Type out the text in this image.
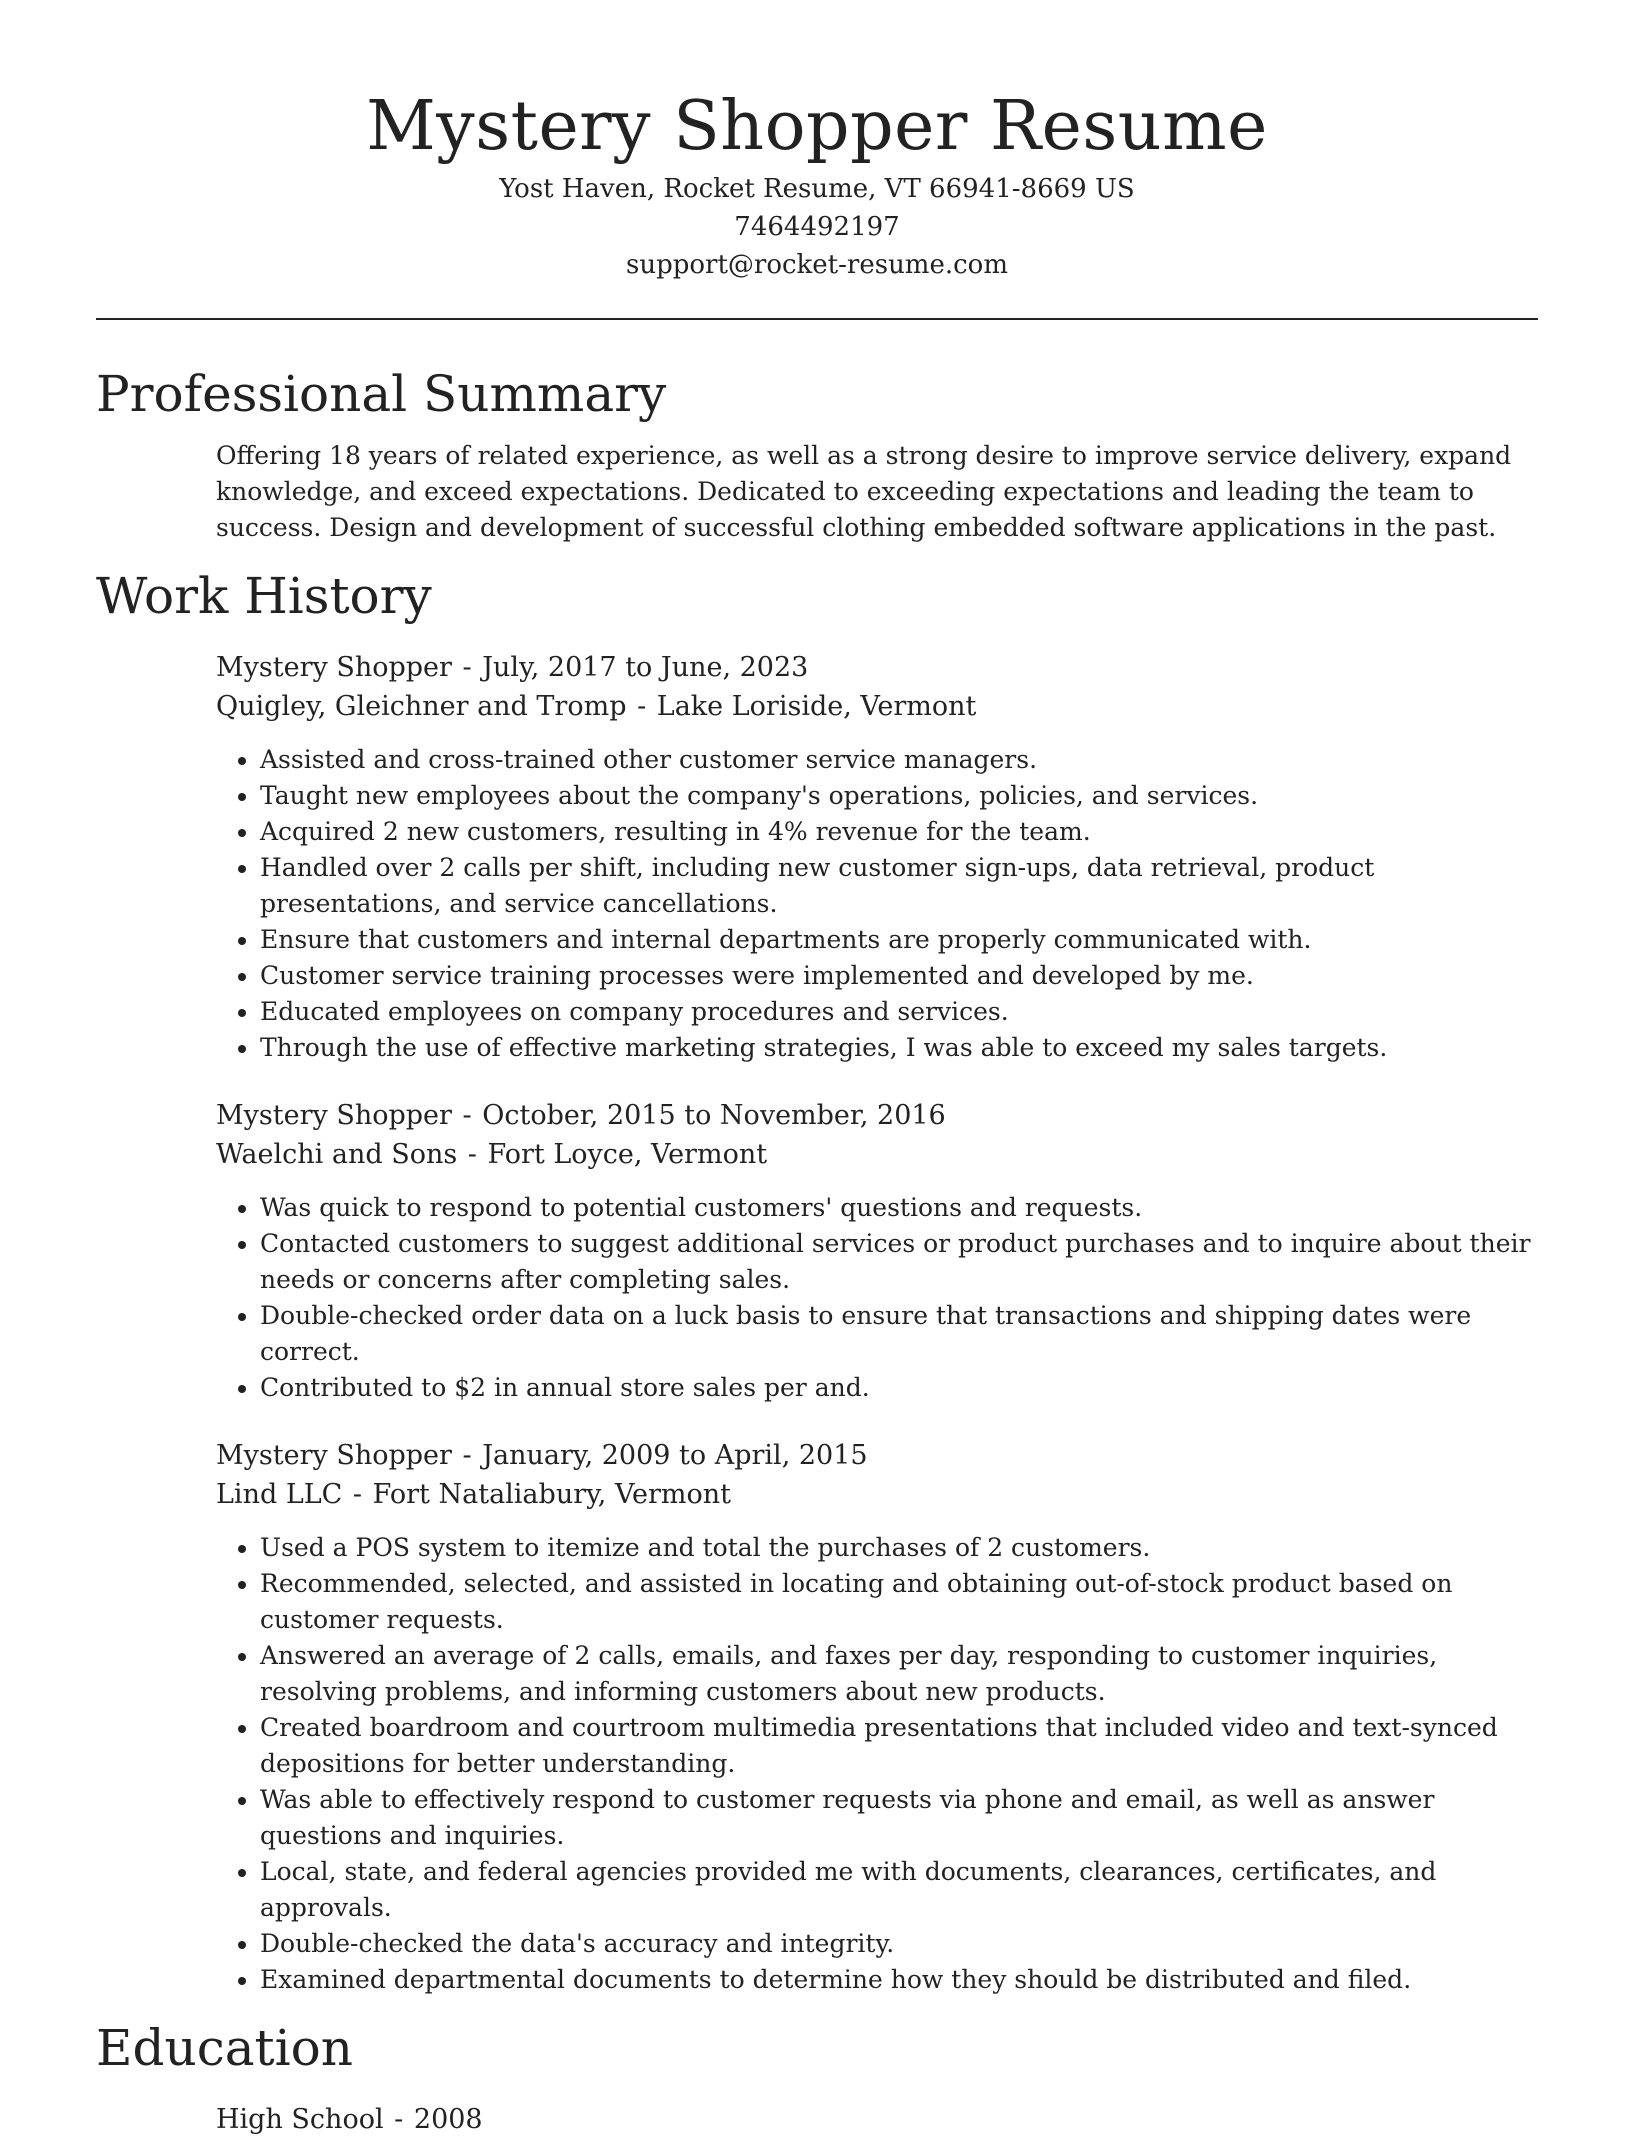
Mystery Shopper Resume
Yost Haven, Rocket Resume, VT 66941-8669 US
7464492197
support@rocket-resume.com
Professional Summary
Offering 18 years of related experience, as well as a strong desire to improve service delivery, expand knowledge, and exceed expectations. Dedicated to exceeding expectations and leading the team to success. Design and development of successful clothing embedded software applications in the past.
Work History
Mystery Shopper - July, 2017 to June, 2023
Quigley, Gleichner and Tromp - Lake Loriside, Vermont
• Assisted and cross-trained other customer service managers.
• Taught new employees about the company's operations, policies, and services.
• Acquired 2 new customers, resulting in 4% revenue for the team.
• Handled over 2 calls per shift, including new customer sign-ups, data retrieval, product presentations, and service cancellations.
• Ensure that customers and internal departments are properly communicated with.
• Customer service training processes were implemented and developed by me.
• Educated employees on company procedures and services.
• Through the use of effective marketing strategies, I was able to exceed my sales targets.
Mystery Shopper - October, 2015 to November, 2016
Waelchi and Sons - Fort Loyce, Vermont
• Was quick to respond to potential customers' questions and requests.
• Contacted customers to suggest additional services or product purchases and to inquire about their needs or concerns after completing sales.
• Double-checked order data on a luck basis to ensure that transactions and shipping dates were correct.
• Contributed to $2 in annual store sales per and.
Mystery Shopper - January, 2009 to April, 2015
Lind LLC - Fort Nataliabury, Vermont
• Used a POS system to itemize and total the purchases of 2 customers.
• Recommended, selected, and assisted in locating and obtaining out-of-stock product based on customer requests.
• Answered an average of 2 calls, emails, and faxes per day, responding to customer inquiries, resolving problems, and informing customers about new products.
• Created boardroom and courtroom multimedia presentations that included video and text-synced depositions for better understanding.
• Was able to effectively respond to customer requests via phone and email, as well as answer questions and inquiries.
• Local, state, and federal agencies provided me with documents, clearances, certificates, and approvals.
• Double-checked the data's accuracy and integrity.
• Examined departmental documents to determine how they should be distributed and filed.
Education
High School - 2008
